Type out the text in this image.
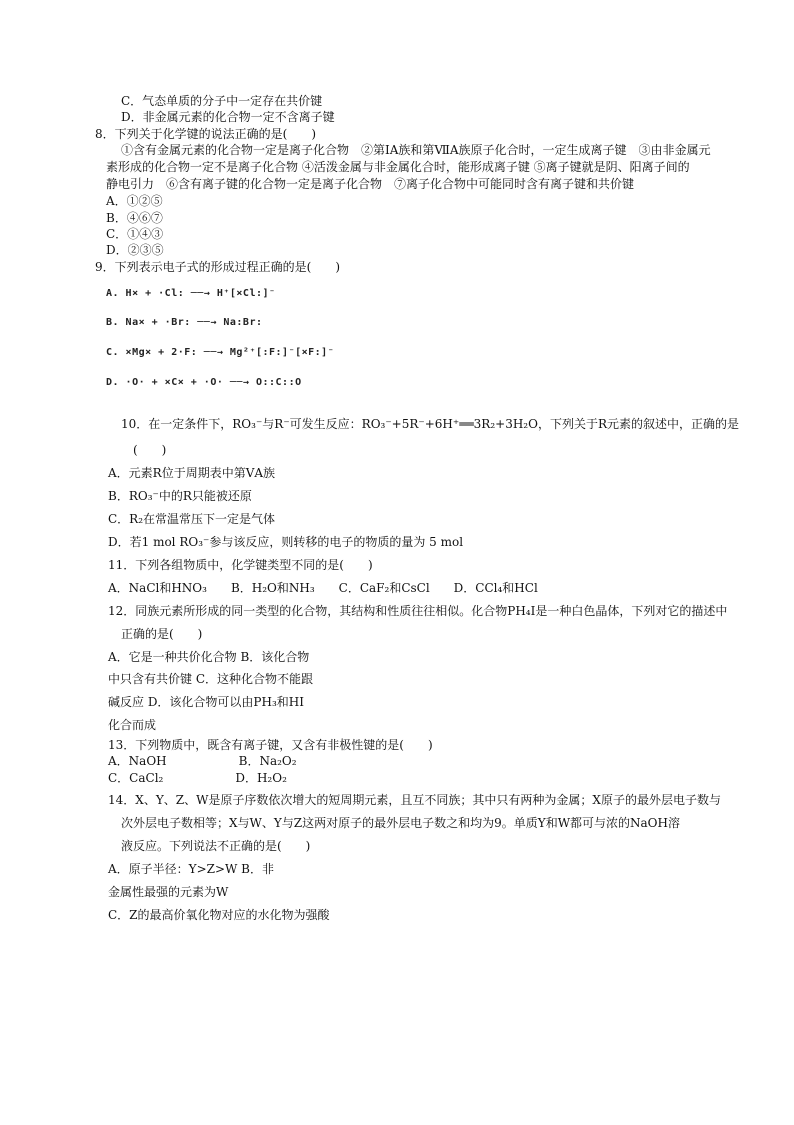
C．气态单质的分子中一定存在共价键
D．非金属元素的化合物一定不含离子键
8．下列关于化学键的说法正确的是(　　)
①含有金属元素的化合物一定是离子化合物　②第ⅠA族和第ⅦA族原子化合时，一定生成离子键　③由非金属元
素形成的化合物一定不是离子化合物 ④活泼金属与非金属化合时，能形成离子键 ⑤离子键就是阴、阳离子间的
静电引力　⑥含有离子键的化合物一定是离子化合物　⑦离子化合物中可能同时含有离子键和共价键
A．①②⑤
B．④⑥⑦
C．①④③
D．②③⑤
9．下列表示电子式的形成过程正确的是(　　)
A. H× + ·Cl: ──→ H⁺[×Cl:]⁻
B. Na× + ·Br: ──→ Na:Br:
C. ×Mg× + 2·F: ──→ Mg²⁺[:F:]⁻[×F:]⁻
D. ·O· + ×C× + ·O· ──→ O::C::O
10．在一定条件下，RO₃⁻与R⁻可发生反应：RO₃⁻+5R⁻+6H⁺══3R₂+3H₂O，下列关于R元素的叙述中，正确的是
(　　)
A．元素R位于周期表中第ⅤA族
B．RO₃⁻中的R只能被还原
C．R₂在常温常压下一定是气体
D．若1 mol RO₃⁻参与该反应，则转移的电子的物质的量为 5 mol
11．下列各组物质中，化学键类型不同的是(　　)
A．NaCl和HNO₃　　B．H₂O和NH₃　　C．CaF₂和CsCl　　D．CCl₄和HCl
12．同族元素所形成的同一类型的化合物，其结构和性质往往相似。化合物PH₄I是一种白色晶体，下列对它的描述中
正确的是(　　)
A．它是一种共价化合物 B．该化合物
中只含有共价键 C．这种化合物不能跟
碱反应 D．该化合物可以由PH₃和HI
化合而成
13．下列物质中，既含有离子键，又含有非极性键的是(　　)
A．NaOH　　　　　　B．Na₂O₂
C．CaCl₂　　　　　　D．H₂O₂
14．X、Y、Z、W是原子序数依次增大的短周期元素，且互不同族；其中只有两种为金属；X原子的最外层电子数与
次外层电子数相等；X与W、Y与Z这两对原子的最外层电子数之和均为9。单质Y和W都可与浓的NaOH溶
液反应。下列说法不正确的是(　　)
A．原子半径：Y>Z>W B．非
金属性最强的元素为W
C．Z的最高价氧化物对应的水化物为强酸
